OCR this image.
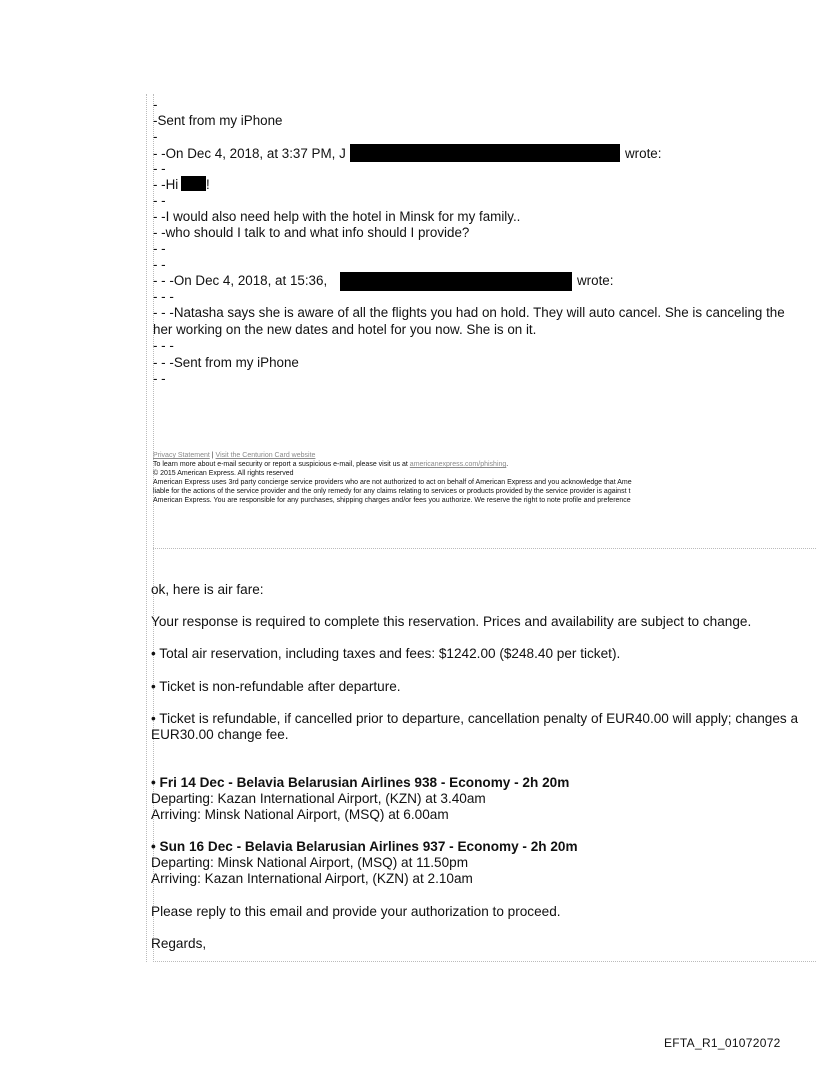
-
-Sent from my iPhone
-
- -On Dec 4, 2018, at 3:37 PM, J	wrote:
- -
- -Hi !
- -
- -I would also need help with the hotel in Minsk for my family..
- -who should I talk to and what info should I provide?
- -
- -
- - -On Dec 4, 2018, at 15:36,	wrote:
- - -
- - -Natasha says she is aware of all the flights you had on hold. They will auto cancel. She is canceling the
her working on the new dates and hotel for you now. She is on it.
- - -
- - -Sent from my iPhone
- -
Privacy Statement | Visit the Centurion Card website
To learn more about e-mail security or report a suspicious e-mail, please visit us at americanexpress.com/phishing.
© 2015 American Express. All rights reserved
American Express uses 3rd party concierge service providers who are not authorized to act on behalf of American Express and you acknowledge that Ame
liable for the actions of the service provider and the only remedy for any claims relating to services or products provided by the service provider is against t
American Express. You are responsible for any purchases, shipping charges and/or fees you authorize. We reserve the right to note profile and preference
ok, here is air fare:
Your response is required to complete this reservation. Prices and availability are subject to change.
• Total air reservation, including taxes and fees: $1242.00 ($248.40 per ticket).
• Ticket is non-refundable after departure.
• Ticket is refundable, if cancelled prior to departure, cancellation penalty of EUR40.00 will apply; changes a
EUR30.00 change fee.
• Fri 14 Dec - Belavia Belarusian Airlines 938 - Economy - 2h 20m
Departing: Kazan International Airport, (KZN) at 3.40am
Arriving: Minsk National Airport, (MSQ) at 6.00am
• Sun 16 Dec - Belavia Belarusian Airlines 937 - Economy - 2h 20m
Departing: Minsk National Airport, (MSQ) at 11.50pm
Arriving: Kazan International Airport, (KZN) at 2.10am
Please reply to this email and provide your authorization to proceed.
Regards,
EFTA_R1_01072072
